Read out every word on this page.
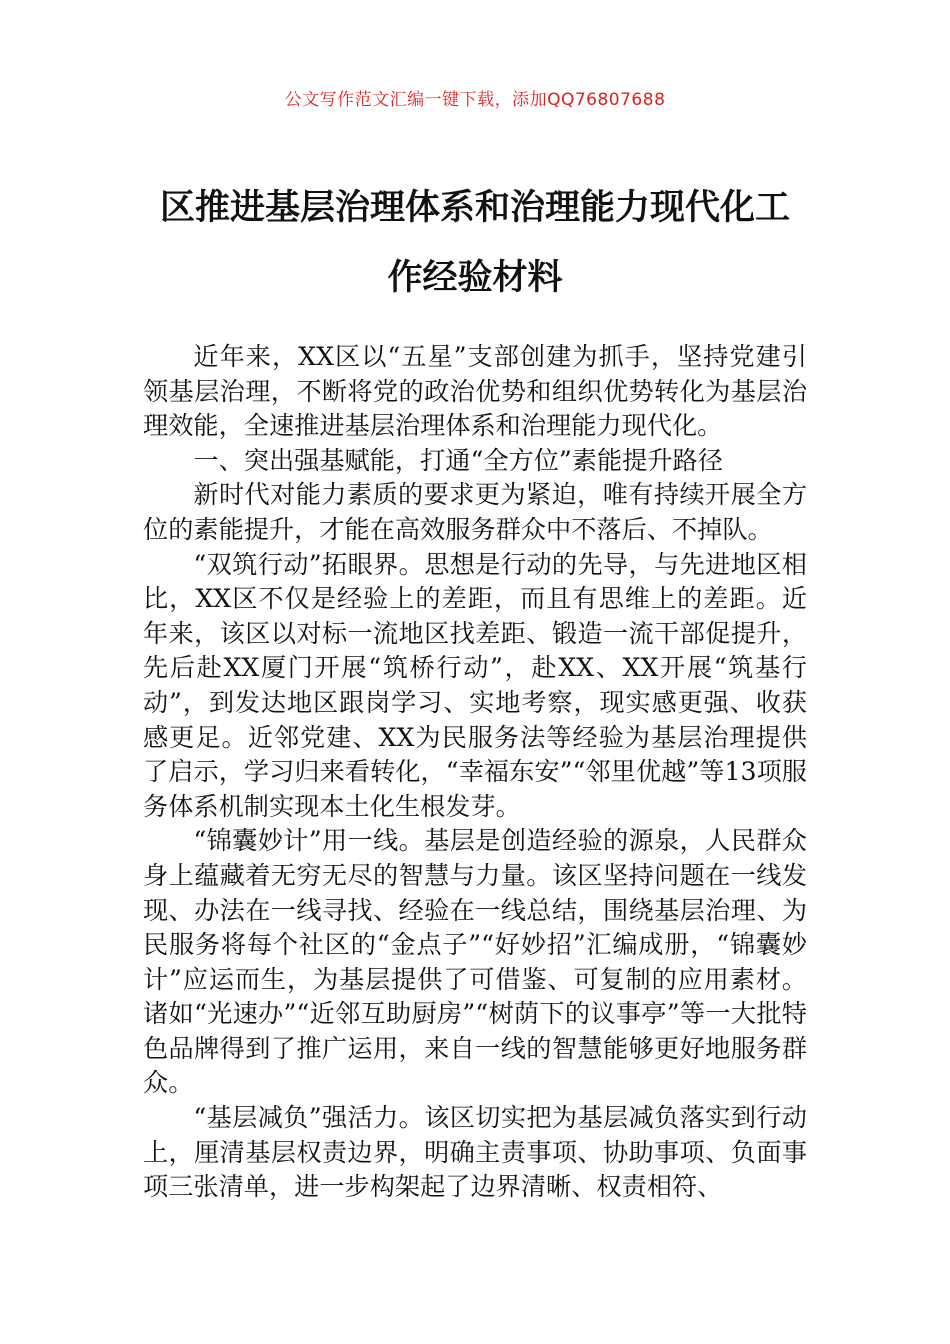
公文写作范文汇编一键下载，添加QQ76807688
区推进基层治理体系和治理能力现代化工
作经验材料

近年来，XX区以“五星”支部创建为抓手，坚持党建引领基层治理，不断将党的政治优势和组织优势转化为基层治理效能，全速推进基层治理体系和治理能力现代化。

一、突出强基赋能，打通“全方位”素能提升路径

新时代对能力素质的要求更为紧迫，唯有持续开展全方位的素能提升，才能在高效服务群众中不落后、不掉队。

“双筑行动”拓眼界。思想是行动的先导，与先进地区相比，XX区不仅是经验上的差距，而且有思维上的差距。近年来，该区以对标一流地区找差距、锻造一流干部促提升，先后赴XX厦门开展“筑桥行动”，赴XX、XX开展“筑基行动”，到发达地区跟岗学习、实地考察，现实感更强、收获感更足。近邻党建、XX为民服务法等经验为基层治理提供了启示，学习归来看转化，“幸福东安”“邻里优越”等13项服务体系机制实现本土化生根发芽。

“锦囊妙计”用一线。基层是创造经验的源泉，人民群众身上蕴藏着无穷无尽的智慧与力量。该区坚持问题在一线发现、办法在一线寻找、经验在一线总结，围绕基层治理、为民服务将每个社区的“金点子”“好妙招”汇编成册，“锦囊妙计”应运而生，为基层提供了可借鉴、可复制的应用素材。诸如“光速办”“近邻互助厨房”“树荫下的议事亭”等一大批特色品牌得到了推广运用，来自一线的智慧能够更好地服务群众。

“基层减负”强活力。该区切实把为基层减负落实到行动上，厘清基层权责边界，明确主责事项、协助事项、负面事项三张清单，进一步构架起了边界清晰、权责相符、
